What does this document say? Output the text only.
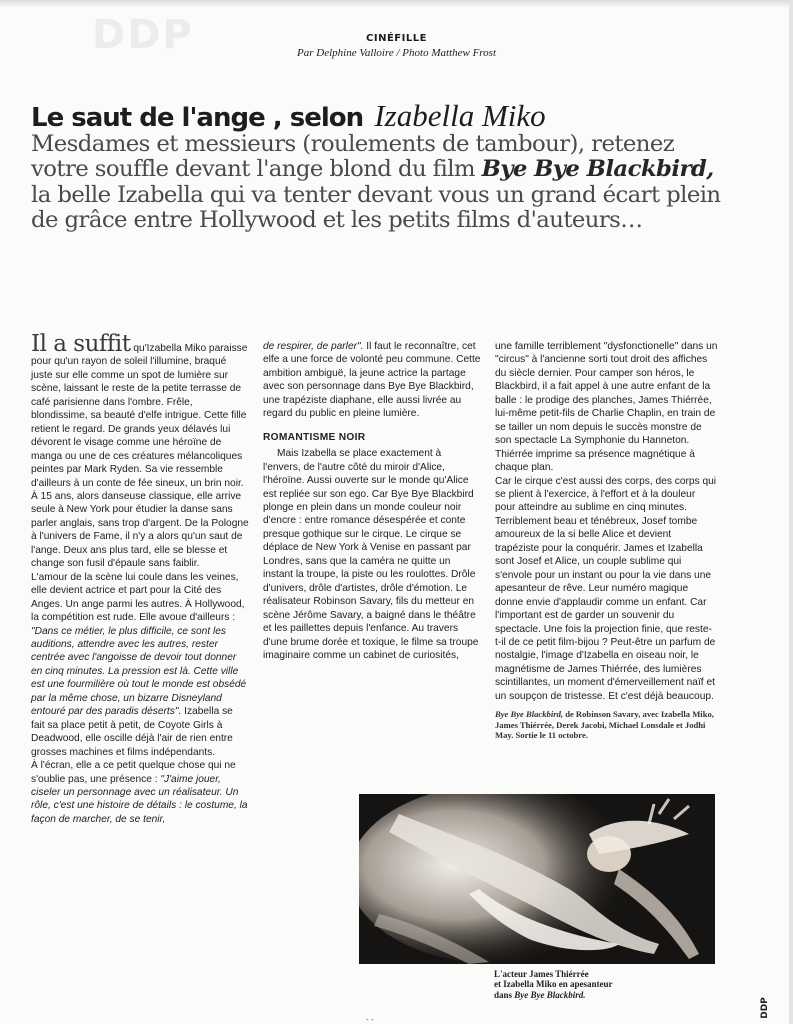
DDP	CINÉFILLE
Par Delphine Valloire / Photo Matthew Frost
Le saut de l'ange , selon Izabella Miko
Mesdames et messieurs (roulements de tambour), retenez votre souffle devant l'ange blond du film Bye Bye Blackbird, la belle Izabella qui va tenter devant vous un grand écart plein de grâce entre Hollywood et les petits films d'auteurs…

Il a suffit qu'Izabella Miko paraisse pour qu'un rayon de soleil l'illumine, braqué juste sur elle comme un spot de lumière sur scène, laissant le reste de la petite terrasse de café parisienne dans l'ombre. Frêle, blondissime, sa beauté d'elfe intrigue. Cette fille retient le regard. De grands yeux délavés lui dévorent le visage comme une héroïne de manga ou une de ces créatures mélancoliques peintes par Mark Ryden. Sa vie ressemble d'ailleurs à un conte de fée sineux, un brin noir. À 15 ans, alors danseuse classique, elle arrive seule à New York pour étudier la danse sans parler anglais, sans trop d'argent. De la Pologne à l'univers de Fame, il n'y a alors qu'un saut de l'ange. Deux ans plus tard, elle se blesse et change son fusil d'épaule sans faiblir.

L'amour de la scène lui coule dans les veines, elle devient actrice et part pour la Cité des Anges. Un ange parmi les autres. À Hollywood, la compétition est rude. Elle avoue d'ailleurs : "Dans ce métier, le plus difficile, ce sont les auditions, attendre avec les autres, rester centrée avec l'angoisse de devoir tout donner en cinq minutes. La pression est là. Cette ville est une fourmilière où tout le monde est obsédé par la même chose, un bizarre Disneyland entouré par des paradis déserts". Izabella se fait sa place petit à petit, de Coyote Girls à Deadwood, elle oscille déjà l'air de rien entre grosses machines et films indépendants.

À l'écran, elle a ce petit quelque chose qui ne s'oublie pas, une présence : "J'aime jouer, ciseler un personnage avec un réalisateur. Un rôle, c'est une histoire de détails : le costume, la façon de marcher, de se tenir,

de respirer, de parler". Il faut le reconnaître, cet elfe a une force de volonté peu commune. Cette ambition ambiguë, la jeune actrice la partage avec son personnage dans Bye Bye Blackbird, une trapéziste diaphane, elle aussi livrée au regard du public en pleine lumière.

ROMANTISME NOIR

Mais Izabella se place exactement à l'envers, de l'autre côté du miroir d'Alice, l'héroïne. Aussi ouverte sur le monde qu'Alice est repliée sur son ego. Car Bye Bye Blackbird plonge en plein dans un monde couleur noir d'encre : entre romance désespérée et conte presque gothique sur le cirque. Le cirque se déplace de New York à Venise en passant par Londres, sans que la caméra ne quitte un instant la troupe, la piste ou les roulottes. Drôle d'univers, drôle d'artistes, drôle d'émotion. Le réalisateur Robinson Savary, fils du metteur en scène Jérôme Savary, a baigné dans le théâtre et les paillettes depuis l'enfance. Au travers d'une brume dorée et toxique, le filme sa troupe imaginaire comme un cabinet de curiosités,

une famille terriblement "dysfonctionelle" dans un "circus" à l'ancienne sorti tout droit des affiches du siècle dernier. Pour camper son héros, le Blackbird, il a fait appel à une autre enfant de la balle : le prodige des planches, James Thiérrée, lui-même petit-fils de Charlie Chaplin, en train de se tailler un nom depuis le succès monstre de son spectacle La Symphonie du Hanneton. Thiérrée imprime sa présence magnétique à chaque plan.

Car le cirque c'est aussi des corps, des corps qui se plient à l'exercice, à l'effort et à la douleur pour atteindre au sublime en cinq minutes. Terriblement beau et ténébreux, Josef tombe amoureux de la si belle Alice et devient trapéziste pour la conquérir. James et Izabella sont Josef et Alice, un couple sublime qui s'envole pour un instant ou pour la vie dans une apesanteur de rêve. Leur numéro magique donne envie d'applaudir comme un enfant. Car l'important est de garder un souvenir du spectacle. Une fois la projection finie, que reste-t-il de ce petit film-bijou ? Peut-être un parfum de nostalgie, l'image d'Izabella en oiseau noir, le magnétisme de James Thiérrée, des lumières scintillantes, un moment d'émerveillement naïf et un soupçon de tristesse. Et c'est déjà beaucoup.

Bye Bye Blackbird, de Robinson Savary, avec Izabella Miko, James Thiérrée, Derek Jacobi, Michael Lonsdale et Jodhi May. Sortie le 11 octobre.

L'acteur James Thiérrée
et Izabella Miko en apesanteur
dans Bye Bye Blackbird.
DDP
- -
